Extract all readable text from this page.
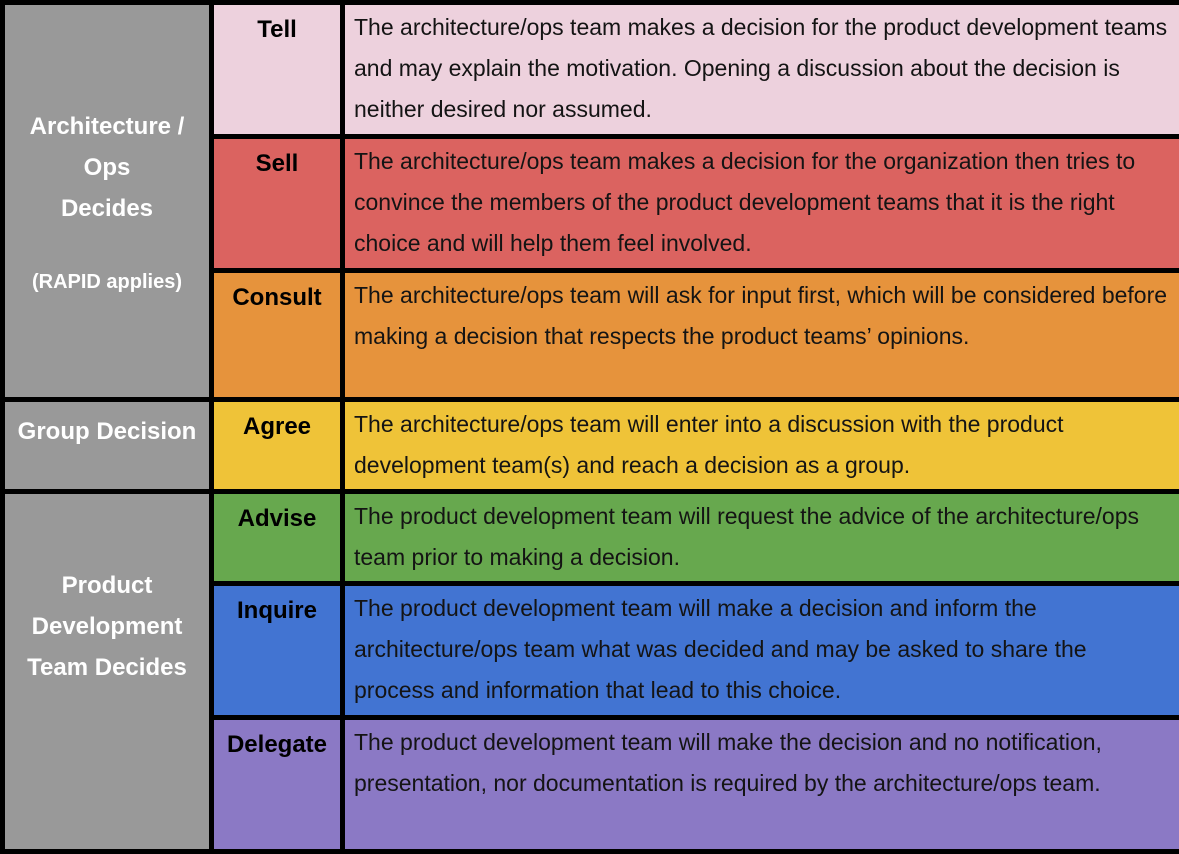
Architecture /
Ops
Decides
(RAPID applies)	Tell	The architecture/ops team makes a decision for the product development teams and may explain the motivation. Opening a discussion about the decision is neither desired nor assumed.
	Sell	The architecture/ops team makes a decision for the organization then tries to convince the members of the product development teams that it is the right choice and will help them feel involved.
	Consult	The architecture/ops team will ask for input first, which will be considered before making a decision that respects the product teams’ opinions.

Group Decision	Agree	The architecture/ops team will enter into a discussion with the product development team(s) and reach a decision as a group.

Product
Development
Team Decides	Advise	The product development team will request the advice of the architecture/ops team prior to making a decision.
	Inquire	The product development team will make a decision and inform the architecture/ops team what was decided and may be asked to share the process and information that lead to this choice.
	Delegate	The product development team will make the decision and no notification, presentation, nor documentation is required by the architecture/ops team.
